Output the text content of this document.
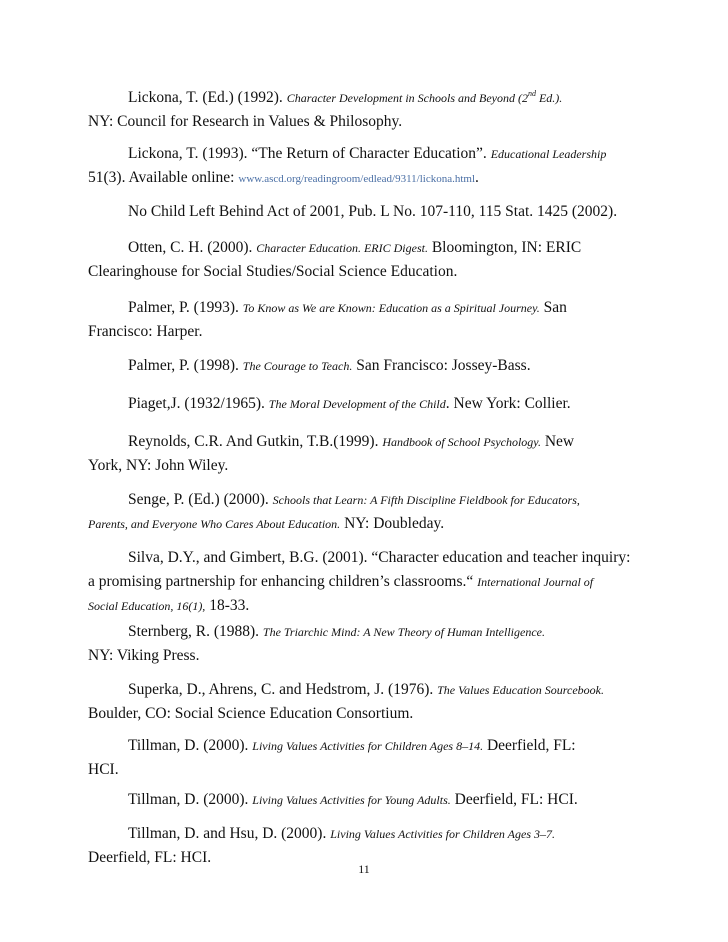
Lickona, T. (Ed.) (1992). Character Development in Schools and Beyond (2nd Ed.).
NY: Council for Research in Values & Philosophy.
Lickona, T. (1993). “The Return of Character Education”. Educational Leadership
51(3). Available online: www.ascd.org/readingroom/edlead/9311/lickona.html.
No Child Left Behind Act of 2001, Pub. L No. 107-110, 115 Stat. 1425 (2002).
Otten, C. H. (2000). Character Education. ERIC Digest. Bloomington, IN: ERIC
Clearinghouse for Social Studies/Social Science Education.
Palmer, P. (1993). To Know as We are Known: Education as a Spiritual Journey. San
Francisco: Harper.
Palmer, P. (1998). The Courage to Teach. San Francisco: Jossey-Bass.
Piaget,J. (1932/1965). The Moral Development of the Child. New York: Collier.
Reynolds, C.R. And Gutkin, T.B.(1999). Handbook of School Psychology. New
York, NY: John Wiley.
Senge, P. (Ed.) (2000). Schools that Learn: A Fifth Discipline Fieldbook for Educators,
Parents, and Everyone Who Cares About Education. NY: Doubleday.
Silva, D.Y., and Gimbert, B.G. (2001). “Character education and teacher inquiry:
a promising partnership for enhancing children’s classrooms.“ International Journal of
Social Education, 16(1), 18-33.
Sternberg, R. (1988). The Triarchic Mind: A New Theory of Human Intelligence.
NY: Viking Press.
Superka, D., Ahrens, C. and Hedstrom, J. (1976). The Values Education Sourcebook.
Boulder, CO: Social Science Education Consortium.
Tillman, D. (2000). Living Values Activities for Children Ages 8–14. Deerfield, FL:
HCI.
Tillman, D. (2000). Living Values Activities for Young Adults. Deerfield, FL: HCI.
Tillman, D. and Hsu, D. (2000). Living Values Activities for Children Ages 3–7.
Deerfield, FL: HCI.
11
